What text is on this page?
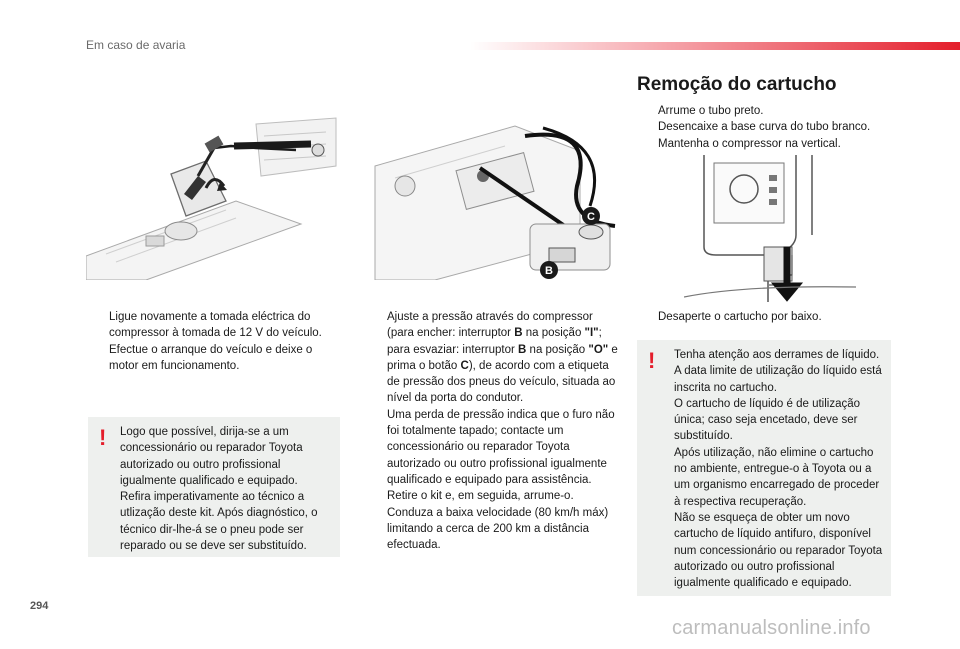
Em caso de avaria
C
B
Ligue novamente a tomada eléctrica do compressor à tomada de 12 V do veículo.
Efectue o arranque do veículo e deixe o motor em funcionamento.
! Logo que possível, dirija-se a um concessionário ou reparador Toyota autorizado ou outro profissional igualmente qualificado e equipado. Refira imperativamente ao técnico a utlização deste kit. Após diagnóstico, o técnico dir-lhe-á se o pneu pode ser reparado ou se deve ser substituído.
Ajuste a pressão através do compressor (para encher: interruptor B na posição "I"; para esvaziar: interruptor B na posição "O" e prima o botão C), de acordo com a etiqueta de pressão dos pneus do veículo, situada ao nível da porta do condutor.
Uma perda de pressão indica que o furo não foi totalmente tapado; contacte um concessionário ou reparador Toyota autorizado ou outro profissional igualmente qualificado e equipado para assistência.
Retire o kit e, em seguida, arrume-o.
Conduza a baixa velocidade (80 km/h máx) limitando a cerca de 200 km a distância efectuada.
Remoção do cartucho
Arrume o tubo preto.
Desencaixe a base curva do tubo branco.
Mantenha o compressor na vertical.
Desaperte o cartucho por baixo.
! Tenha atenção aos derrames de líquido.
A data limite de utilização do líquido está inscrita no cartucho.
O cartucho de líquido é de utilização única; caso seja encetado, deve ser substituído.
Após utilização, não elimine o cartucho no ambiente, entregue-o à Toyota ou a um organismo encarregado de proceder à respectiva recuperação.
Não se esqueça de obter um novo cartucho de líquido antifuro, disponível num concessionário ou reparador Toyota autorizado ou outro profissional igualmente qualificado e equipado.
294
carmanualsonline.info
